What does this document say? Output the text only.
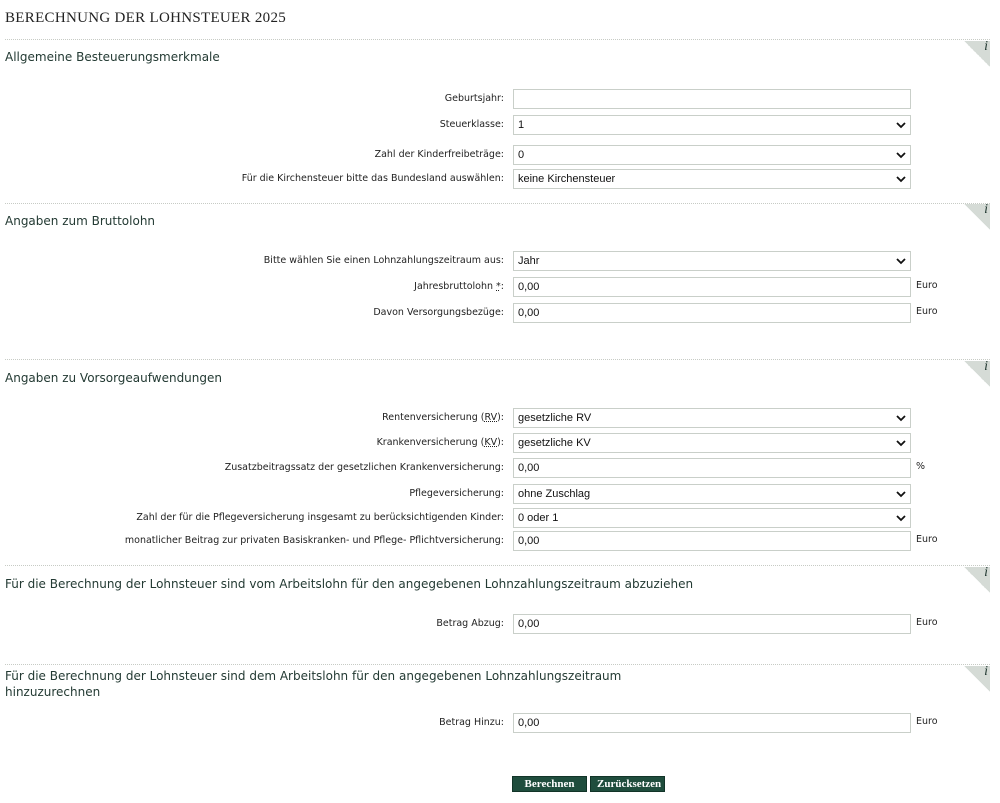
BERECHNUNG DER LOHNSTEUER 2025
Allgemeine Besteuerungsmerkmale
i
Geburtsjahr:
Steuerklasse:	1
Zahl der Kinderfreibeträge:	0
Für die Kirchensteuer bitte das Bundesland auswählen:	keine Kirchensteuer
Angaben zum Bruttolohn
i
Bitte wählen Sie einen Lohnzahlungszeitraum aus:	Jahr
Jahresbruttolohn *:	0,00	Euro
Davon Versorgungsbezüge:	0,00	Euro
Angaben zu Vorsorgeaufwendungen
i
Rentenversicherung (RV):	gesetzliche RV
Krankenversicherung (KV):	gesetzliche KV
Zusatzbeitragssatz der gesetzlichen Krankenversicherung:	0,00	%
Pflegeversicherung:	ohne Zuschlag
Zahl der für die Pflegeversicherung insgesamt zu berücksichtigenden Kinder:	0 oder 1
monatlicher Beitrag zur privaten Basiskranken- und Pflege- Pflichtversicherung:	0,00	Euro
Für die Berechnung der Lohnsteuer sind vom Arbeitslohn für den angegebenen Lohnzahlungszeitraum abzuziehen
i
Betrag Abzug:	0,00	Euro
Für die Berechnung der Lohnsteuer sind dem Arbeitslohn für den angegebenen Lohnzahlungszeitraum
hinzuzurechnen
i
Betrag Hinzu:	0,00	Euro
Berechnen	Zurücksetzen
